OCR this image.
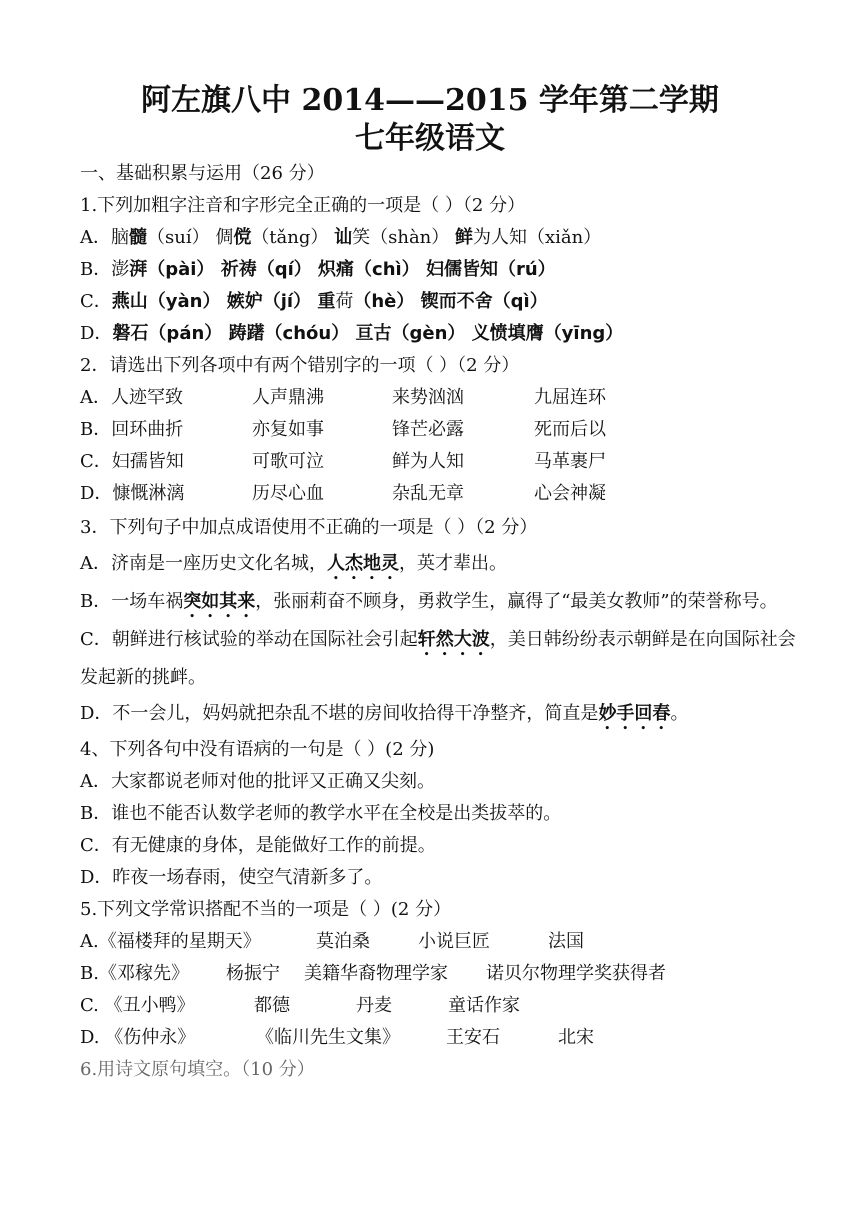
阿左旗八中 2014——2015 学年第二学期
七年级语文
一、基础积累与运用（26 分）
1.下列加粗字注音和字形完全正确的一项是（ ）（2 分）
A．脑髓（suí） 倜傥（tǎng） 讪笑（shàn） 鲜为人知（xiǎn）
B．澎湃（pài） 祈祷（qí） 炽痛（chì） 妇儒皆知（rú）
C．燕山（yàn） 嫉妒（jí） 重荷（hè） 锲而不舍（qì）
D．磐石（pán） 踌躇（chóu） 亘古（gèn） 义愤填膺（yīng）
2．请选出下列各项中有两个错别字的一项（ ）（2 分）
A．人迹罕致	人声鼎沸	来势汹汹	九屈连环
B．回环曲折	亦复如事	锋芒必露	死而后以
C．妇孺皆知	可歌可泣	鲜为人知	马革裹尸
D．慷慨淋漓	历尽心血	杂乱无章	心会神凝
3．下列句子中加点成语使用不正确的一项是（ ）（2 分）
A．济南是一座历史文化名城，人杰地灵，英才辈出。
B．一场车祸突如其来，张丽莉奋不顾身，勇救学生，赢得了“最美女教师”的荣誉称号。
C．朝鲜进行核试验的举动在国际社会引起轩然大波，美日韩纷纷表示朝鲜是在向国际社会发起新的挑衅。
D．不一会儿，妈妈就把杂乱不堪的房间收拾得干净整齐，简直是妙手回春。
4、下列各句中没有语病的一句是（ ）(2 分)
A．大家都说老师对他的批评又正确又尖刻。
B．谁也不能否认数学老师的教学水平在全校是出类拔萃的。
C．有无健康的身体，是能做好工作的前提。
D．昨夜一场春雨，使空气清新多了。
5.下列文学常识搭配不当的一项是（ ）(2 分）
A.《福楼拜的星期天》	莫泊桑	小说巨匠	法国
B.《邓稼先》 杨振宁 美籍华裔物理学家 诺贝尔物理学奖获得者
C. 《丑小鸭》	都德	丹麦	童话作家
D. 《伤仲永》	《临川先生文集》	王安石	北宋
6.用诗文原句填空。（10 分）
